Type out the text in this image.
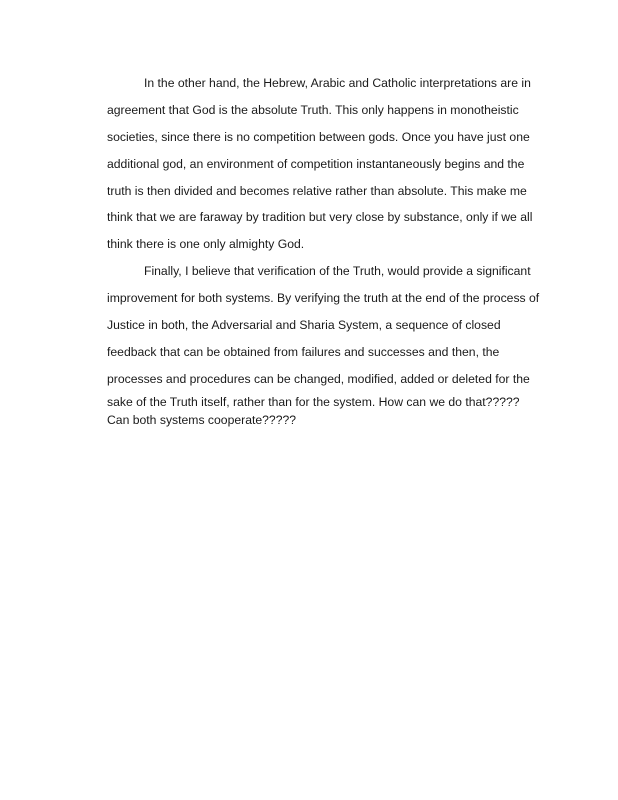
In the other hand, the Hebrew, Arabic and Catholic interpretations are in
agreement that God is the absolute Truth. This only happens in monotheistic
societies, since there is no competition between gods. Once you have just one
additional god, an environment of competition instantaneously begins and the
truth is then divided and becomes relative rather than absolute. This make me
think that we are faraway by tradition but very close by substance, only if we all
think there is one only almighty God.
Finally, I believe that verification of the Truth, would provide a significant
improvement for both systems. By verifying the truth at the end of the process of
Justice in both, the Adversarial and Sharia System, a sequence of closed
feedback that can be obtained from failures and successes and then, the
processes and procedures can be changed, modified, added or deleted for the
sake of the Truth itself, rather than for the system. How can we do that?????
Can both systems cooperate?????
